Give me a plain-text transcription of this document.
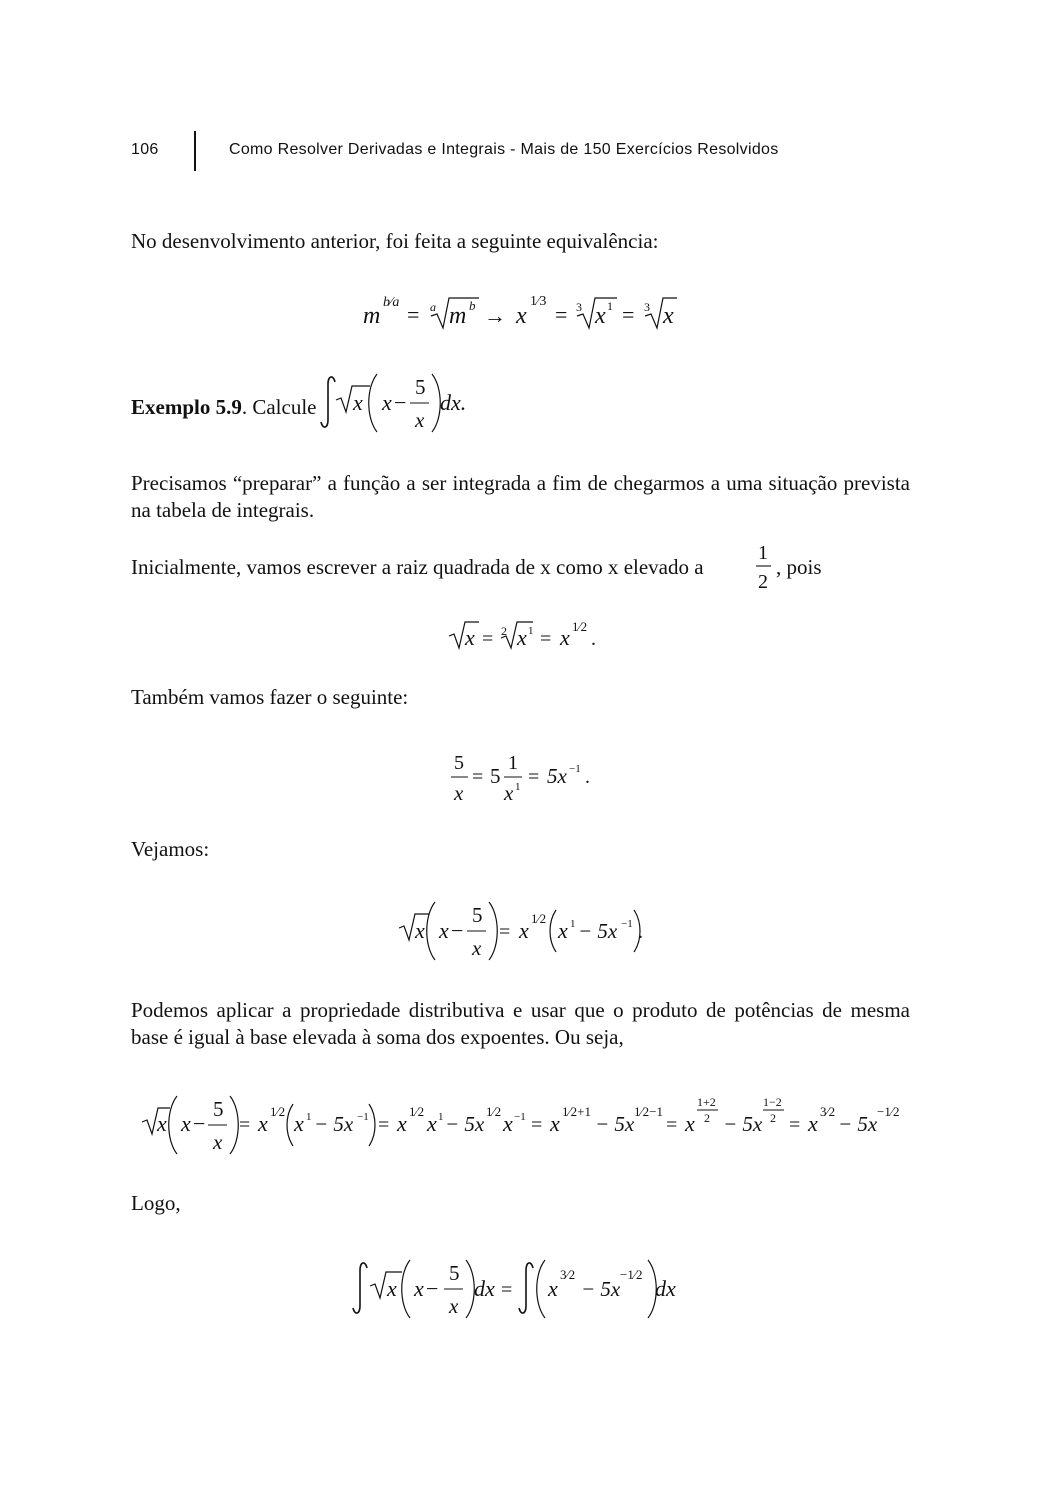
106	Como Resolver Derivadas e Integrais - Mais de 150 Exercícios Resolvidos

No desenvolvimento anterior, foi feita a seguinte equivalência:

m
b⁄a = a m b → x
1⁄3
= 3 x 1 = 3 x
Exemplo 5.9. Calcule x x −
5
x
dx.

Precisamos “preparar” a função a ser integrada a fim de chegarmos a uma situação prevista na tabela de integrais.

Inicialmente, vamos escrever a raiz quadrada de x como x elevado a

1
2

, pois

x = 2 x 1 = x 1⁄2
.

Também vamos fazer o seguinte:

5
x
= 5
1
x 1 = 5x −1 .

Vejamos:

x x −
5
x
= x 1⁄2 x 1 − 5x −1 .

Podemos aplicar a propriedade distributiva e usar que o produto de potências de mesma base é igual à base elevada à soma dos expoentes. Ou seja,

x x −
5
x
= x 1⁄2 x 1 − 5x −1 = x 1⁄2 x 1 − 5x
1⁄2 x −1 = x 1⁄2+1
− 5x
1⁄2−1
= x
1+2
2 − 5x
1−2
2 = x 3⁄2
− 5x
−1⁄2

Logo,

x x −
5
x
dx = x
3⁄2
− 5x
−1⁄2
dx
